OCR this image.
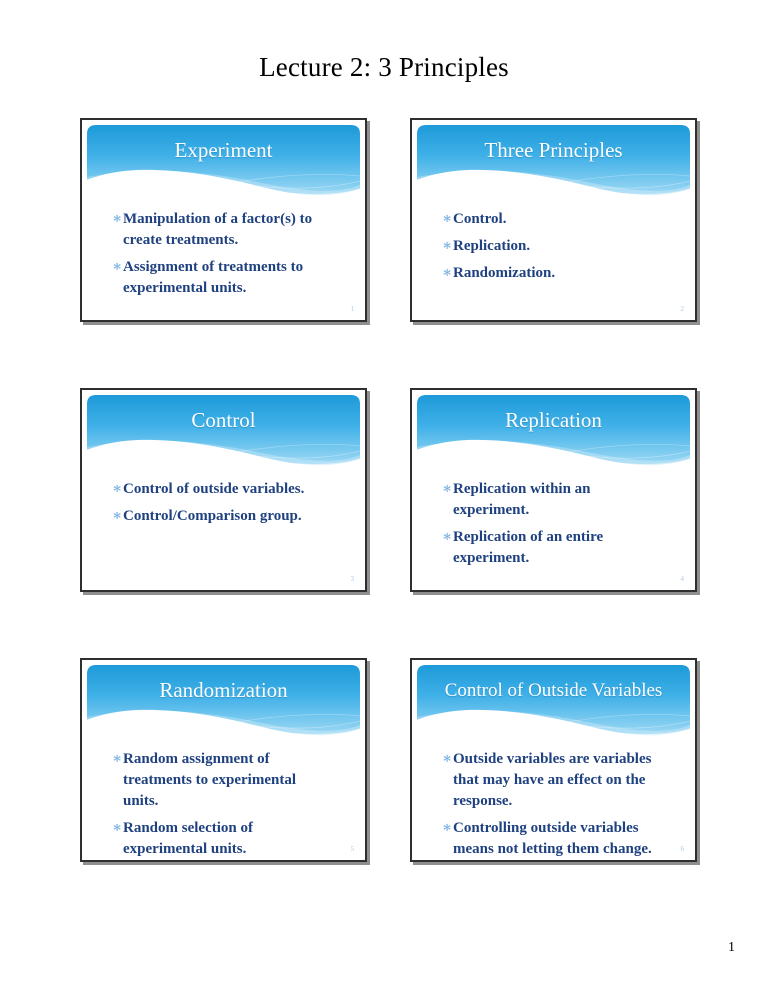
Lecture 2: 3 Principles
Experiment
∗ Manipulation of a factor(s) to
create treatments.
∗ Assignment of treatments to
experimental units.
1
Three Principles
∗ Control.
∗ Replication.
∗ Randomization.
2
Control
∗ Control of outside variables.
∗ Control/Comparison group.
3
Replication
∗ Replication within an
experiment.
∗ Replication of an entire
experiment.
4
Randomization
∗ Random assignment of
treatments to experimental
units.
∗ Random selection of
experimental units.	5
Control of Outside Variables
∗ Outside variables are variables
that may have an effect on the
response.
∗ Controlling outside variables
means not letting them change.	6
1
